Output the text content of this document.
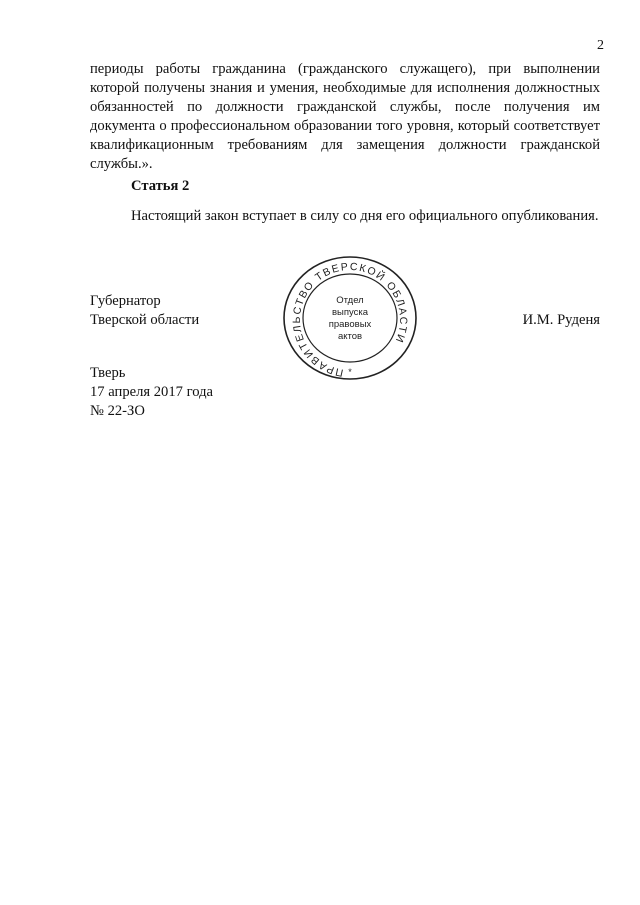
2

периоды работы гражданина (гражданского служащего), при выполнении которой получены знания и умения, необходимые для исполнения должностных обязанностей по должности гражданской службы, после получения им документа о профессиональном образовании того уровня, который соответствует квалификационным требованиям для замещения должности гражданской службы.».

Статья 2

Настоящий закон вступает в силу со дня его официального опубликования.

Губернатор
Тверской области	И.М. Руденя
ПРАВИТЕЛЬСТВО ТВЕРСКОЙ ОБЛАСТИ
Отдел
выпуска
правовых
актов
*
Тверь
17 апреля 2017 года
№ 22-ЗО
